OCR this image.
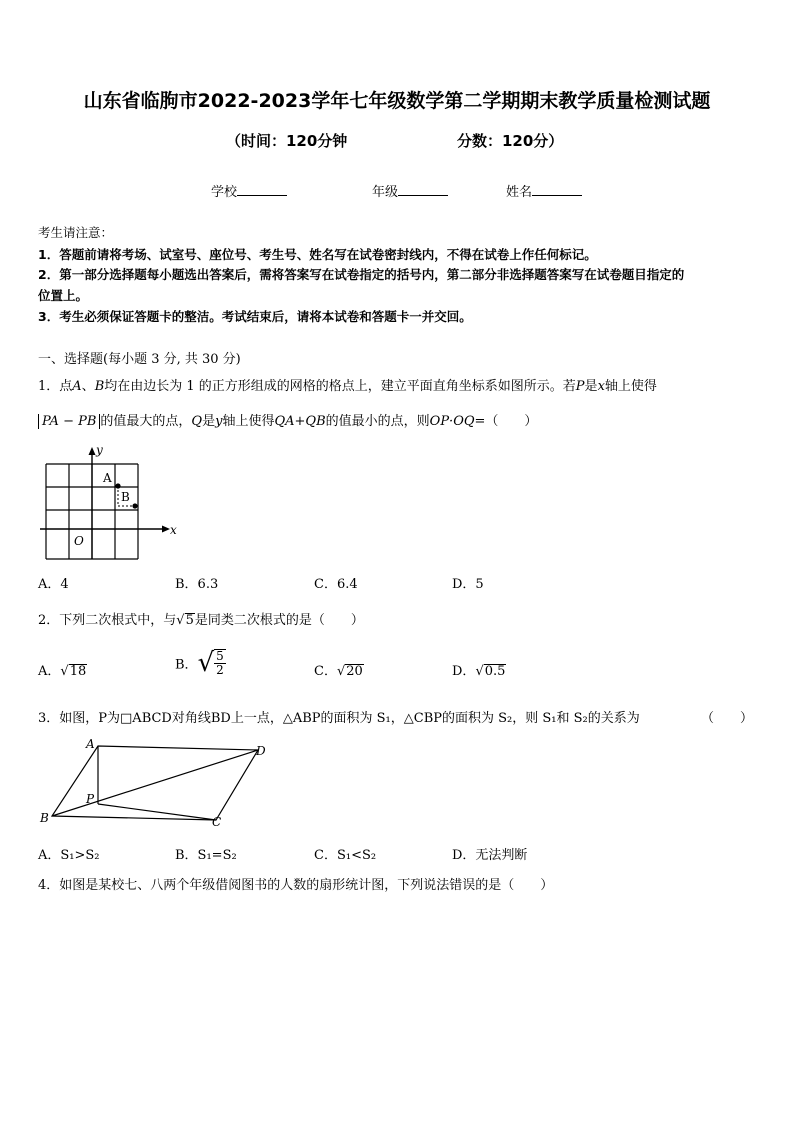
山东省临朐市2022-2023学年七年级数学第二学期期末教学质量检测试题
（时间：120分钟	分数：120分）
学校	年级	姓名
考生请注意：
1．答题前请将考场、试室号、座位号、考生号、姓名写在试卷密封线内，不得在试卷上作任何标记。
2．第一部分选择题每小题选出答案后，需将答案写在试卷指定的括号内，第二部分非选择题答案写在试卷题目指定的
位置上。
3．考生必须保证答题卡的整洁。考试结束后，请将本试卷和答题卡一并交回。
一、选择题(每小题 3 分, 共 30 分)
1．点A、B均在由边长为 1 的正方形组成的网格的格点上，建立平面直角坐标系如图所示。若P是x轴上使得
PA − PB 的值最大的点，Q是y轴上使得QA+QB的值最小的点，则OP·OQ=（　　）
y
x
A
B
O
A．4	B．6.3	C．6.4	D．5
2．下列二次根式中，与√5是同类二次根式的是（　　）
A．√18	B．√ $\frac{5}{2}$	C．√20	D．√0.5
3．如图，P为□ABCD对角线BD上一点，△ABP的面积为 S₁，△CBP的面积为 S₂，则 S₁和 S₂的关系为	（　　）
A	D
P
B	C
A．S₁>S₂	B．S₁=S₂	C．S₁<S₂	D．无法判断
4．如图是某校七、八两个年级借阅图书的人数的扇形统计图，下列说法错误的是（　　）
